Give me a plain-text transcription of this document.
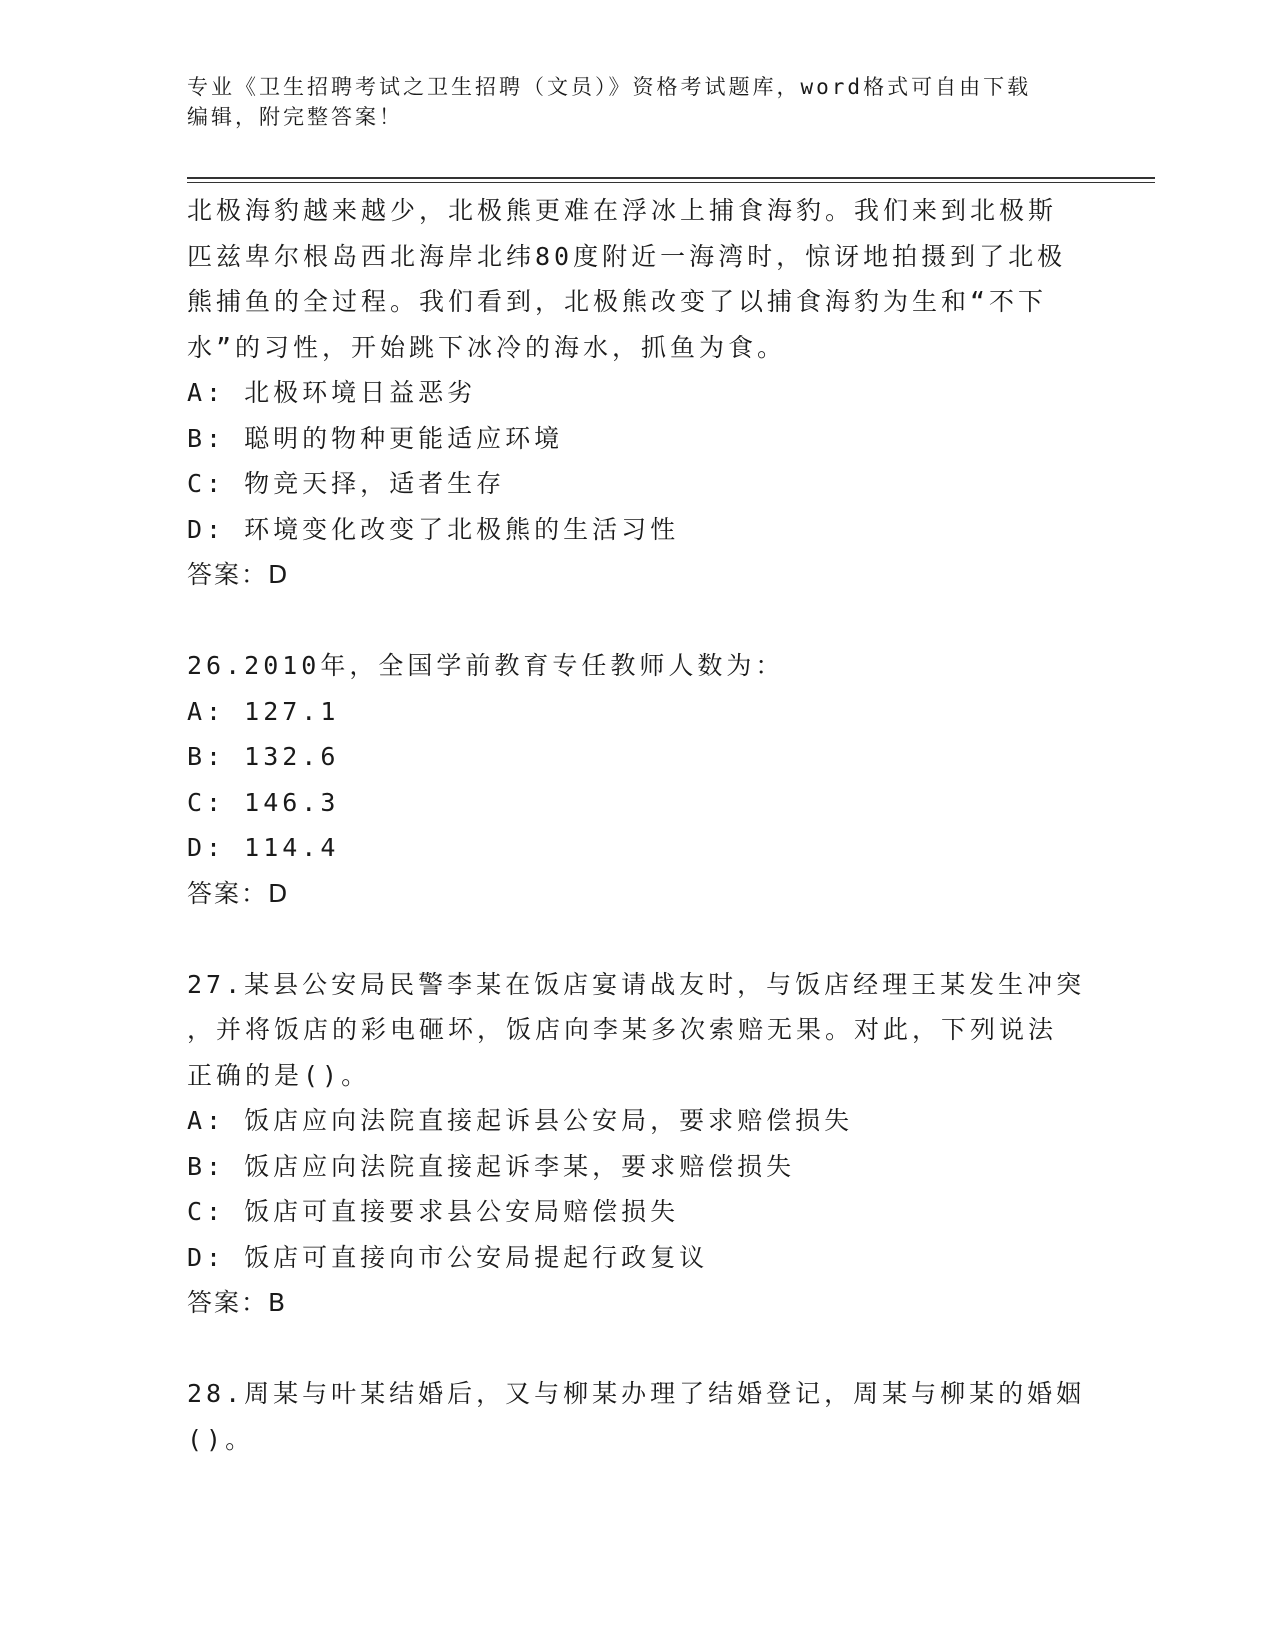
专业《卫生招聘考试之卫生招聘（文员）》资格考试题库，word格式可自由下载
编辑，附完整答案！
北极海豹越来越少，北极熊更难在浮冰上捕食海豹。我们来到北极斯
匹兹卑尔根岛西北海岸北纬80度附近一海湾时，惊讶地拍摄到了北极
熊捕鱼的全过程。我们看到，北极熊改变了以捕食海豹为生和“不下
水”的习性，开始跳下冰冷的海水，抓鱼为食。
A: 北极环境日益恶劣
B: 聪明的物种更能适应环境
C: 物竞天择，适者生存
D: 环境变化改变了北极熊的生活习性
答案：D
26.2010年，全国学前教育专任教师人数为：
A: 127.1
B: 132.6
C: 146.3
D: 114.4
答案：D
27.某县公安局民警李某在饭店宴请战友时，与饭店经理王某发生冲突
，并将饭店的彩电砸坏，饭店向李某多次索赔无果。对此，下列说法
正确的是()。
A: 饭店应向法院直接起诉县公安局，要求赔偿损失
B: 饭店应向法院直接起诉李某，要求赔偿损失
C: 饭店可直接要求县公安局赔偿损失
D: 饭店可直接向市公安局提起行政复议
答案：B
28.周某与叶某结婚后，又与柳某办理了结婚登记，周某与柳某的婚姻
()。
